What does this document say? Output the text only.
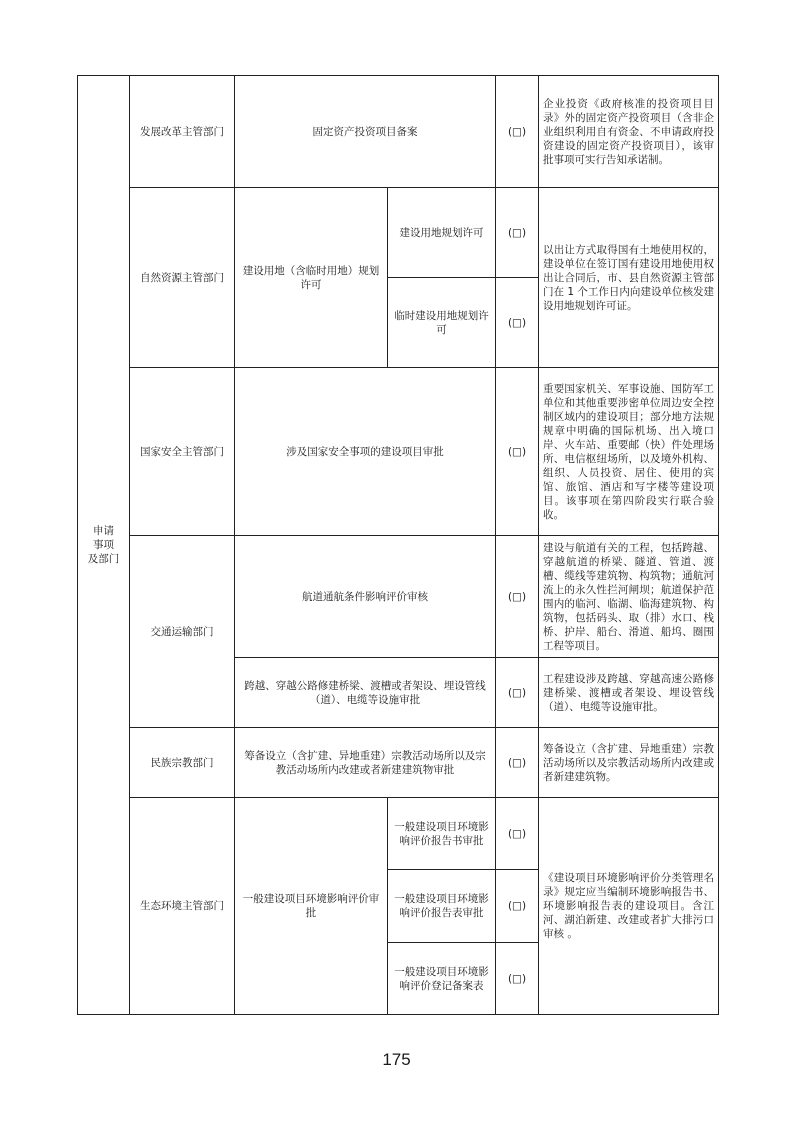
申请
事项
及部门	发展改革主管部门	固定资产投资项目备案		(□)	企业投资《政府核准的投资项目目录》外的固定资产投资项目（含非企业组织利用自有资金、不申请政府投资建设的固定资产投资项目），该审批事项可实行告知承诺制。
	自然资源主管部门	建设用地（含临时用地）规划许可	建设用地规划许可	(□)	以出让方式取得国有土地使用权的，建设单位在签订国有建设用地使用权出让合同后，市、县自然资源主管部门在 1 个工作日内向建设单位核发建设用地规划许可证。
			临时建设用地规划许可	(□)	
	国家安全主管部门	涉及国家安全事项的建设项目审批		(□)	重要国家机关、军事设施、国防军工单位和其他重要涉密单位周边安全控制区域内的建设项目；部分地方法规规章中明确的国际机场、出入境口岸、火车站、重要邮（快）件处理场所、电信枢纽场所，以及境外机构、组织、人员投资、居住、使用的宾馆、旅馆、酒店和写字楼等建设项目。该事项在第四阶段实行联合验收。
	交通运输部门	航道通航条件影响评价审核		(□)	建设与航道有关的工程，包括跨越、穿越航道的桥梁、隧道、管道、渡槽、缆线等建筑物、构筑物；通航河流上的永久性拦河闸坝；航道保护范围内的临河、临湖、临海建筑物、构筑物，包括码头、取（排）水口、栈桥、护岸、船台、滑道、船坞、圈围工程等项目。
		跨越、穿越公路修建桥梁、渡槽或者架设、埋设管线（道）、电缆等设施审批		(□)	工程建设涉及跨越、穿越高速公路修建桥梁、渡槽或者架设、埋设管线（道）、电缆等设施审批。
	民族宗教部门	筹备设立（含扩建、异地重建）宗教活动场所以及宗教活动场所内改建或者新建建筑物审批		(□)	筹备设立（含扩建、异地重建）宗教活动场所以及宗教活动场所内改建或者新建建筑物。
	生态环境主管部门	一般建设项目环境影响评价审批	一般建设项目环境影响评价报告书审批	(□)	《建设项目环境影响评价分类管理名录》规定应当编制环境影响报告书、环境影响报告表的建设项目。含江河、湖泊新建、改建或者扩大排污口审核 。
			一般建设项目环境影响评价报告表审批	(□)	
			一般建设项目环境影响评价登记备案表	(□)	
175
